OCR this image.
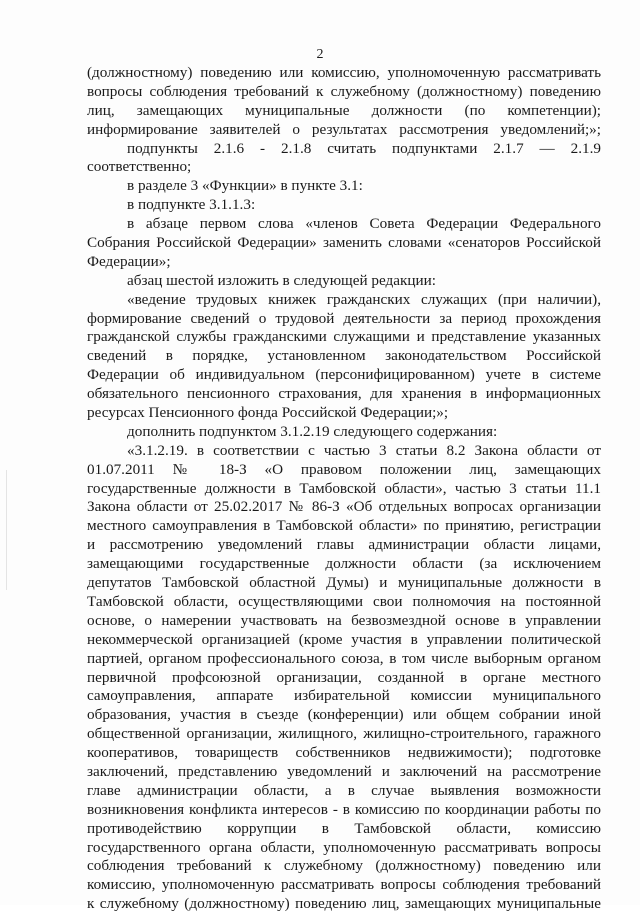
2
(должностному) поведению или комиссию, уполномоченную рассматривать
вопросы соблюдения требований к служебному (должностному) поведению
лиц, замещающих муниципальные должности (по компетенции);
информирование заявителей о результатах рассмотрения уведомлений;»;
подпункты 2.1.6 - 2.1.8 считать подпунктами 2.1.7 — 2.1.9
соответственно;
в разделе 3 «Функции» в пункте 3.1:
в подпункте 3.1.1.3:
в абзаце первом слова «членов Совета Федерации Федерального
Собрания Российской Федерации» заменить словами «сенаторов Российской
Федерации»;
абзац шестой изложить в следующей редакции:
«ведение трудовых книжек гражданских служащих (при наличии),
формирование сведений о трудовой деятельности за период прохождения
гражданской службы гражданскими служащими и представление указанных
сведений в порядке, установленном законодательством Российской
Федерации об индивидуальном (персонифицированном) учете в системе
обязательного пенсионного страхования, для хранения в информационных
ресурсах Пенсионного фонда Российской Федерации;»;
дополнить подпунктом 3.1.2.19 следующего содержания:
«3.1.2.19. в соответствии с частью 3 статьи 8.2 Закона области от
01.07.2011 № 18-З «О правовом положении лиц, замещающих
государственные должности в Тамбовской области», частью 3 статьи 11.1
Закона области от 25.02.2017 № 86-З «Об отдельных вопросах организации
местного самоуправления в Тамбовской области» по принятию, регистрации
и рассмотрению уведомлений главы администрации области лицами,
замещающими государственные должности области (за исключением
депутатов Тамбовской областной Думы) и муниципальные должности в
Тамбовской области, осуществляющими свои полномочия на постоянной
основе, о намерении участвовать на безвозмездной основе в управлении
некоммерческой организацией (кроме участия в управлении политической
партией, органом профессионального союза, в том числе выборным органом
первичной профсоюзной организации, созданной в органе местного
самоуправления, аппарате избирательной комиссии муниципального
образования, участия в съезде (конференции) или общем собрании иной
общественной организации, жилищного, жилищно-строительного, гаражного
кооперативов, товариществ собственников недвижимости); подготовке
заключений, представлению уведомлений и заключений на рассмотрение
главе администрации области, а в случае выявления возможности
возникновения конфликта интересов - в комиссию по координации работы по
противодействию коррупции в Тамбовской области, комиссию
государственного органа области, уполномоченную рассматривать вопросы
соблюдения требований к служебному (должностному) поведению или
комиссию, уполномоченную рассматривать вопросы соблюдения требований
к служебному (должностному) поведению лиц, замещающих муниципальные
